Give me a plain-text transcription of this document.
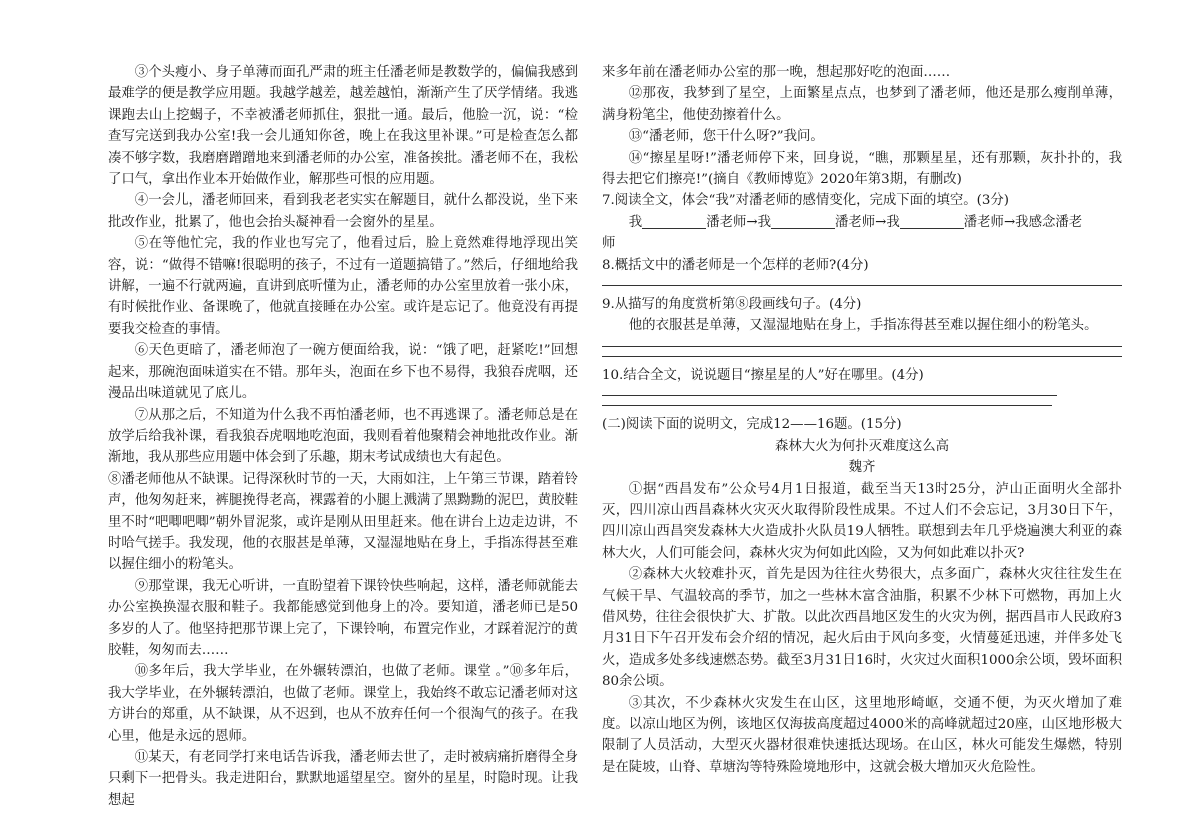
③个头瘦小、身子单薄而面孔严肃的班主任潘老师是教数学的，偏偏我感到最难学的便是教学应用题。我越学越差，越差越怕，渐渐产生了厌学情绪。我逃课跑去山上挖蝎子，不幸被潘老师抓住，狠批一通。最后，他脸一沉，说：“检查写完送到我办公室!我一会儿通知你爸，晚上在我这里补课。”可是检查怎么都凑不够字数，我磨磨蹭蹭地来到潘老师的办公室，准备挨批。潘老师不在，我松了口气，拿出作业本开始做作业，解那些可恨的应用题。

④一会儿，潘老师回来，看到我老老实实在解题目，就什么都没说，坐下来批改作业，批累了，他也会抬头凝神看一会窗外的星星。

⑤在等他忙完，我的作业也写完了，他看过后，脸上竟然难得地浮现出笑容，说：“做得不错嘛!很聪明的孩子，不过有一道题搞错了。”然后，仔细地给我讲解，一遍不行就两遍，直讲到底听懂为止，潘老师的办公室里放着一张小床，有时候批作业、备课晚了，他就直接睡在办公室。或许是忘记了。他竟没有再提要我交检查的事情。

⑥天色更暗了，潘老师泡了一碗方便面给我，说：“饿了吧，赶紧吃!”回想起来，那碗泡面味道实在不错。那年头，泡面在乡下也不易得，我狼吞虎咽，还漫品出味道就见了底儿。

⑦从那之后，不知道为什么我不再怕潘老师，也不再逃课了。潘老师总是在放学后给我补课，看我狼吞虎咽地吃泡面，我则看着他聚精会神地批改作业。渐渐地，我从那些应用题中体会到了乐趣，期末考试成绩也大有起色。

⑧潘老师他从不缺课。记得深秋时节的一天，大雨如注，上午第三节课，踏着铃声，他匆匆赶来，裤腿挽得老高，裸露着的小腿上溅满了黑黝黝的泥巴，黄胶鞋里不时“吧唧吧唧”朝外冒泥浆，或许是刚从田里赶来。他在讲台上边走边讲，不时哈气搓手。我发现，他的衣服甚是单薄，又湿湿地贴在身上，手指冻得甚至难以握住细小的粉笔头。

⑨那堂课，我无心听讲，一直盼望着下课铃快些响起，这样，潘老师就能去办公室换换湿衣服和鞋子。我都能感觉到他身上的冷。要知道，潘老师已是50多岁的人了。他坚持把那节课上完了，下课铃响，布置完作业，才踩着泥泞的黄胶鞋，匆匆而去……

⑩多年后，我大学毕业，在外辗转漂泊，也做了老师。课堂 。”⑩多年后，我大学毕业，在外辗转漂泊，也做了老师。课堂上，我始终不敢忘记潘老师对这方讲台的郑重，从不缺课，从不迟到，也从不放弃任何一个很淘气的孩子。在我心里，他是永远的恩师。

⑪某天，有老同学打来电话告诉我，潘老师去世了，走时被病痛折磨得全身只剩下一把骨头。我走进阳台，默默地遥望星空。窗外的星星，时隐时现。让我想起

来多年前在潘老师办公室的那一晚，想起那好吃的泡面……

⑫那夜，我梦到了星空，上面繁星点点，也梦到了潘老师，他还是那么瘦削单薄，满身粉笔尘，他使劲擦着什么。

⑬“潘老师，您干什么呀?”我问。

⑭“擦星星呀!”潘老师停下来，回身说，“瞧，那颗星星，还有那颗，灰扑扑的，我得去把它们擦亮!”(摘自《教师博览》2020年第3期，有删改)

7.阅读全文，体会“我”对潘老师的感情变化，完成下面的填空。(3分)

我	潘老师→我	潘老师→我	潘老师→我感念潘老

师

8.概括文中的潘老师是一个怎样的老师?(4分)

9.从描写的角度赏析第⑧段画线句子。(4分)

他的衣服甚是单薄，又湿湿地贴在身上，手指冻得甚至难以握住细小的粉笔头。

10.结合全文，说说题目“擦星星的人”好在哪里。(4分)

(二)阅读下面的说明文，完成12——16题。(15分)

森林大火为何扑灭难度这么高

魏齐

①据“西昌发布”公众号4月1日报道，截至当天13时25分，泸山正面明火全部扑灭，四川凉山西昌森林火灾灭火取得阶段性成果。不过人们不会忘记，3月30日下午，四川凉山西昌突发森林大火造成扑火队员19人牺牲。联想到去年几乎烧遍澳大利亚的森林大火，人们可能会问，森林火灾为何如此凶险，又为何如此难以扑灭?

②森林大火较难扑灭，首先是因为往往火势很大，点多面广，森林火灾往往发生在气候干旱、气温较高的季节，加之一些林木富含油脂，积累不少林下可燃物，再加上火借风势，往往会很快扩大、扩散。以此次西昌地区发生的火灾为例，据西昌市人民政府3月31日下午召开发布会介绍的情况，起火后由于风向多变，火情蔓延迅速，并伴多处飞火，造成多处多线速燃态势。截至3月31日16时，火灾过火面积1000余公顷，毁坏面积80余公顷。

③其次，不少森林火灾发生在山区，这里地形崎岖，交通不便，为灭火增加了难度。以凉山地区为例，该地区仅海拔高度超过4000米的高峰就超过20座，山区地形极大限制了人员活动，大型灭火器材很难快速抵达现场。在山区，林火可能发生爆燃，特别是在陡坡，山脊、草塘沟等特殊险境地形中，这就会极大增加灭火危险性。
